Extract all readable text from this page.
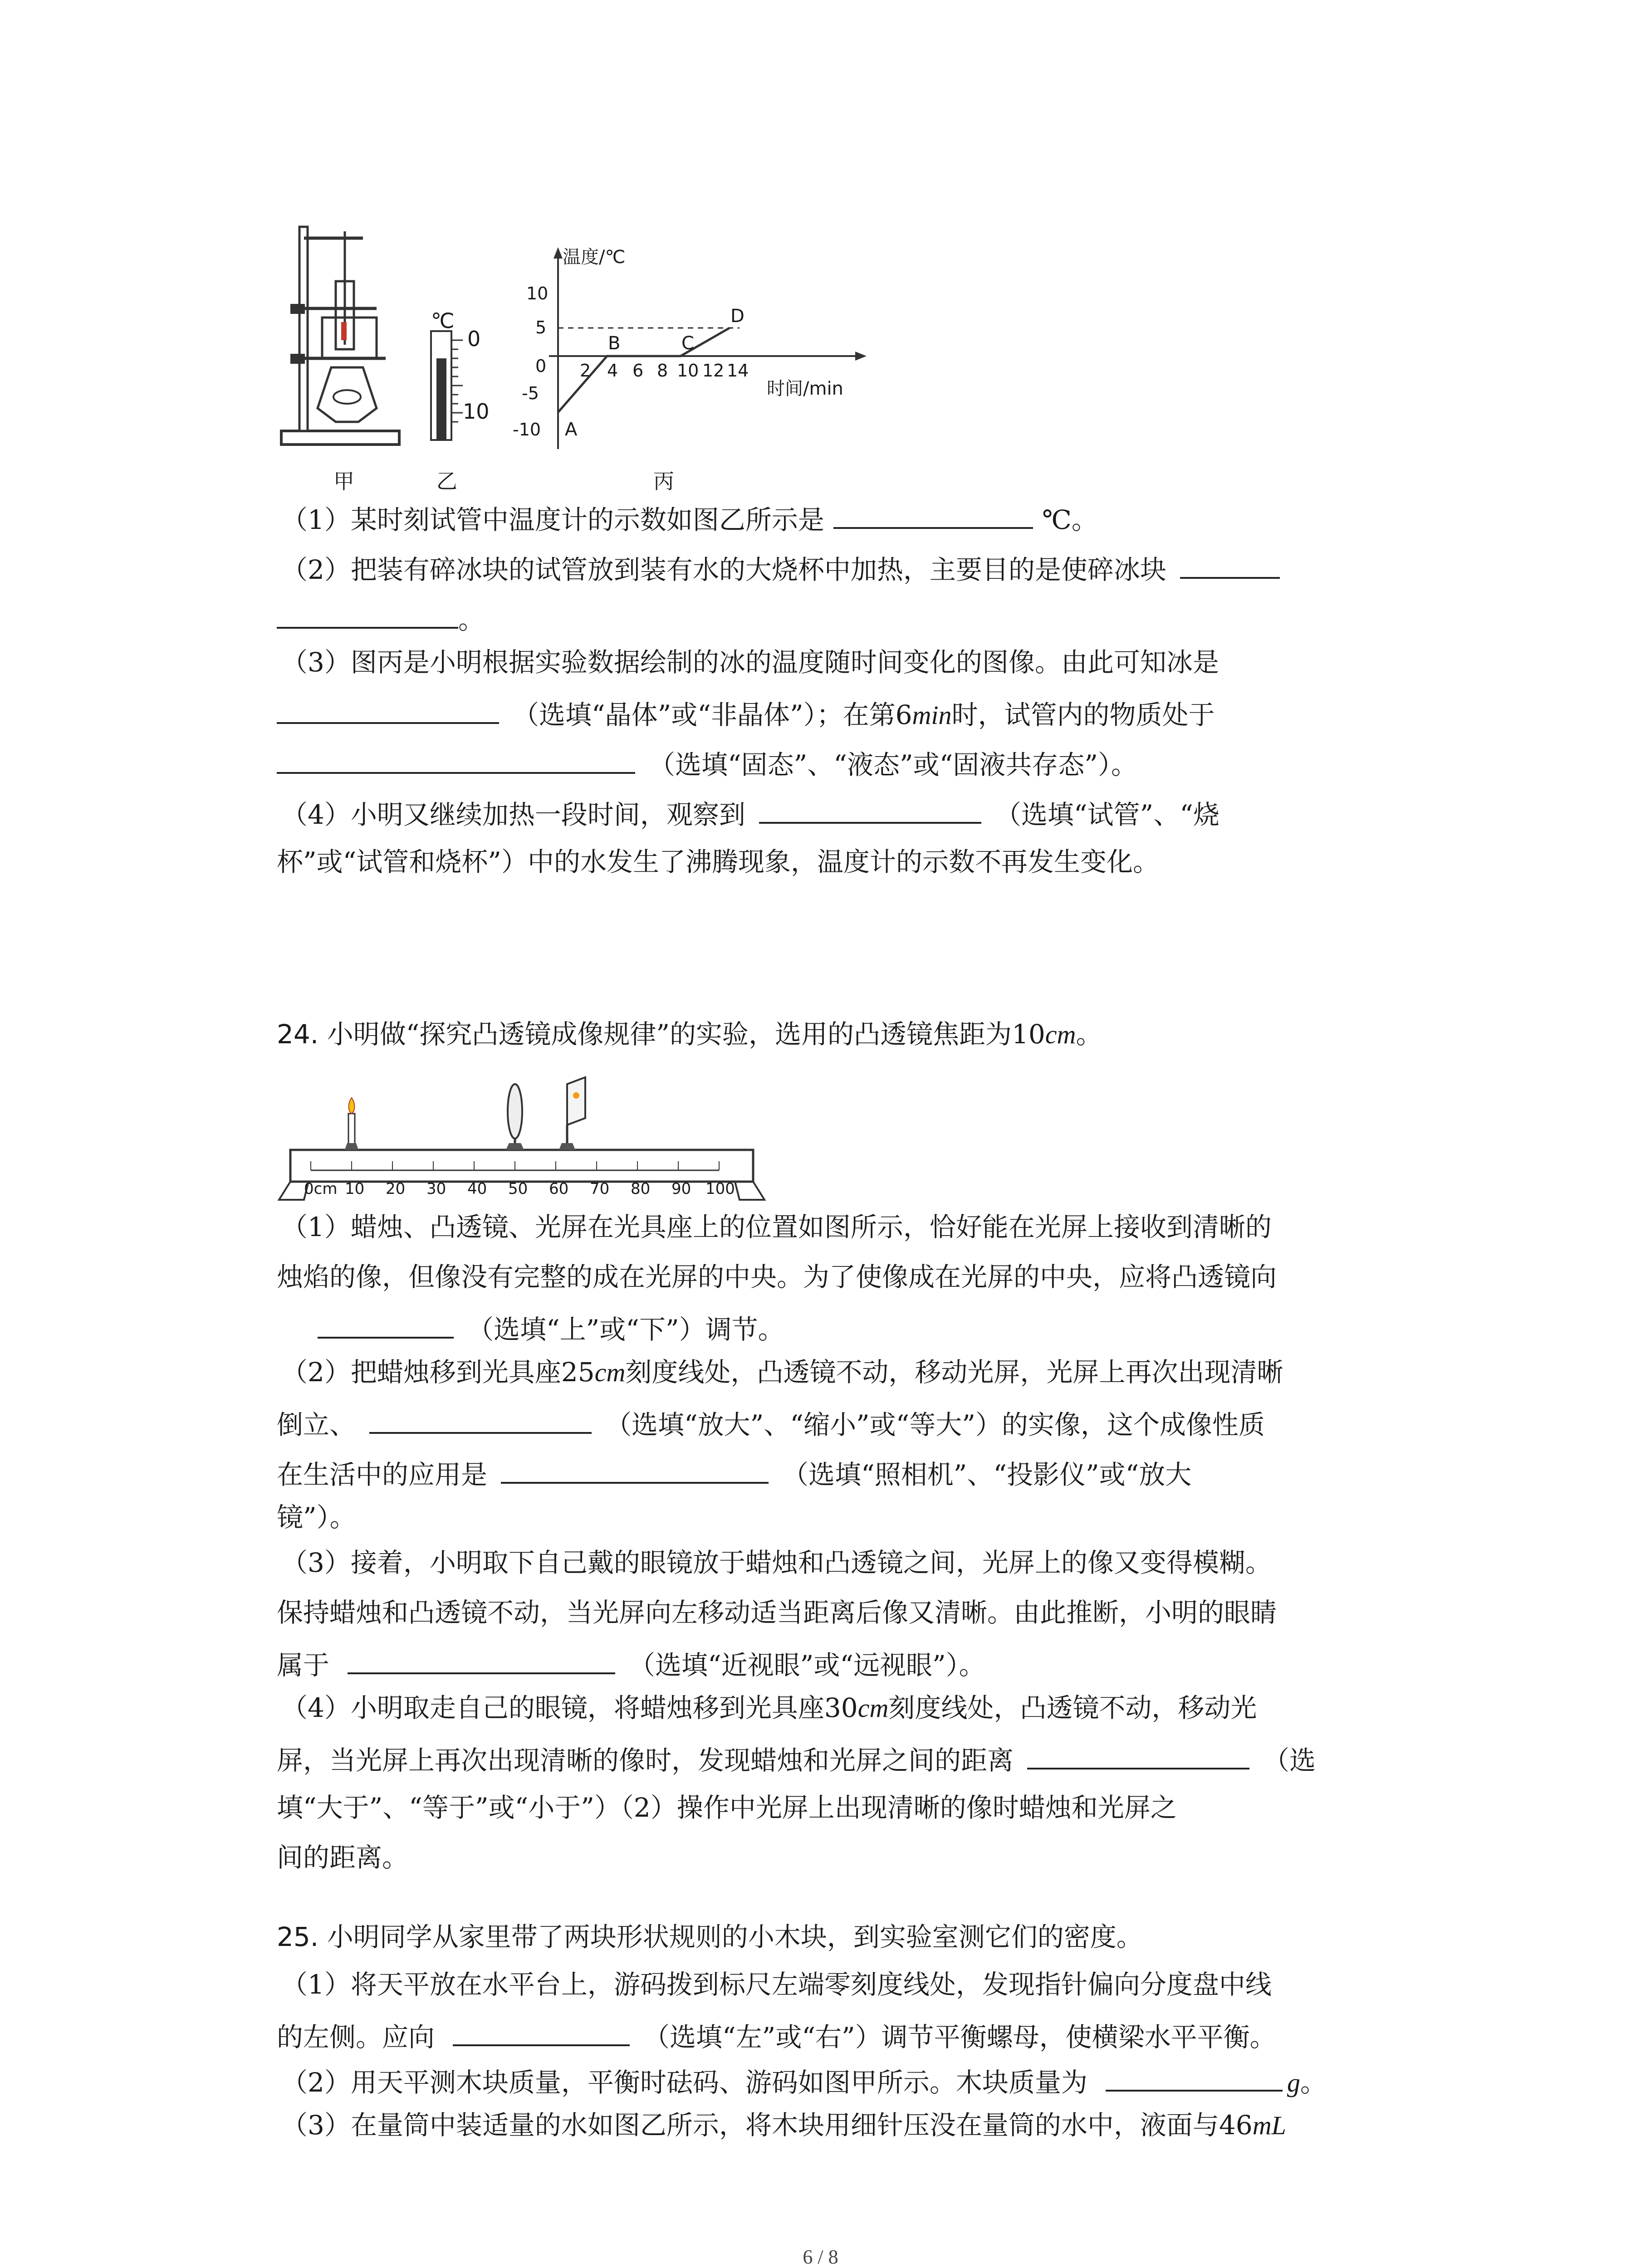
℃
0
10
温度/℃
时间/min
10
5
0
-5
-10
2 4 6 8 10 12 14
A
B	C
D
甲	乙	丙
（1）某时刻试管中温度计的示数如图乙所示是	℃。
（2）把装有碎冰块的试管放到装有水的大烧杯中加热，主要目的是使碎冰块
。
（3）图丙是小明根据实验数据绘制的冰的温度随时间变化的图像。由此可知冰是
（选填“晶体”或“非晶体”）；在第6min时，试管内的物质处于
（选填“固态”、“液态”或“固液共存态”）。
（4）小明又继续加热一段时间，观察到	（选填“试管”、“烧
杯”或“试管和烧杯”）中的水发生了沸腾现象，温度计的示数不再发生变化。
24. 小明做“探究凸透镜成像规律”的实验，选用的凸透镜焦距为10cm。
0cm 10 20 30 40 50 60 70 80 90 100
（1）蜡烛、凸透镜、光屏在光具座上的位置如图所示，恰好能在光屏上接收到清晰的
烛焰的像，但像没有完整的成在光屏的中央。为了使像成在光屏的中央，应将凸透镜向
（选填“上”或“下”）调节。
（2）把蜡烛移到光具座25cm刻度线处，凸透镜不动，移动光屏，光屏上再次出现清晰
倒立、	（选填“放大”、“缩小”或“等大”）的实像，这个成像性质
在生活中的应用是	（选填“照相机”、“投影仪”或“放大
镜”）。
（3）接着，小明取下自己戴的眼镜放于蜡烛和凸透镜之间，光屏上的像又变得模糊。
保持蜡烛和凸透镜不动，当光屏向左移动适当距离后像又清晰。由此推断，小明的眼睛
属于	（选填“近视眼”或“远视眼”）。
（4）小明取走自己的眼镜，将蜡烛移到光具座30cm刻度线处，凸透镜不动，移动光
屏，当光屏上再次出现清晰的像时，发现蜡烛和光屏之间的距离	（选
填“大于”、“等于”或“小于”）（2）操作中光屏上出现清晰的像时蜡烛和光屏之
间的距离。
25. 小明同学从家里带了两块形状规则的小木块，到实验室测它们的密度。
（1）将天平放在水平台上，游码拨到标尺左端零刻度线处，发现指针偏向分度盘中线
的左侧。应向	（选填“左”或“右”）调节平衡螺母，使横梁水平平衡。
（2）用天平测木块质量，平衡时砝码、游码如图甲所示。木块质量为	g。
（3）在量筒中装适量的水如图乙所示，将木块用细针压没在量筒的水中，液面与46mL
6 / 8
